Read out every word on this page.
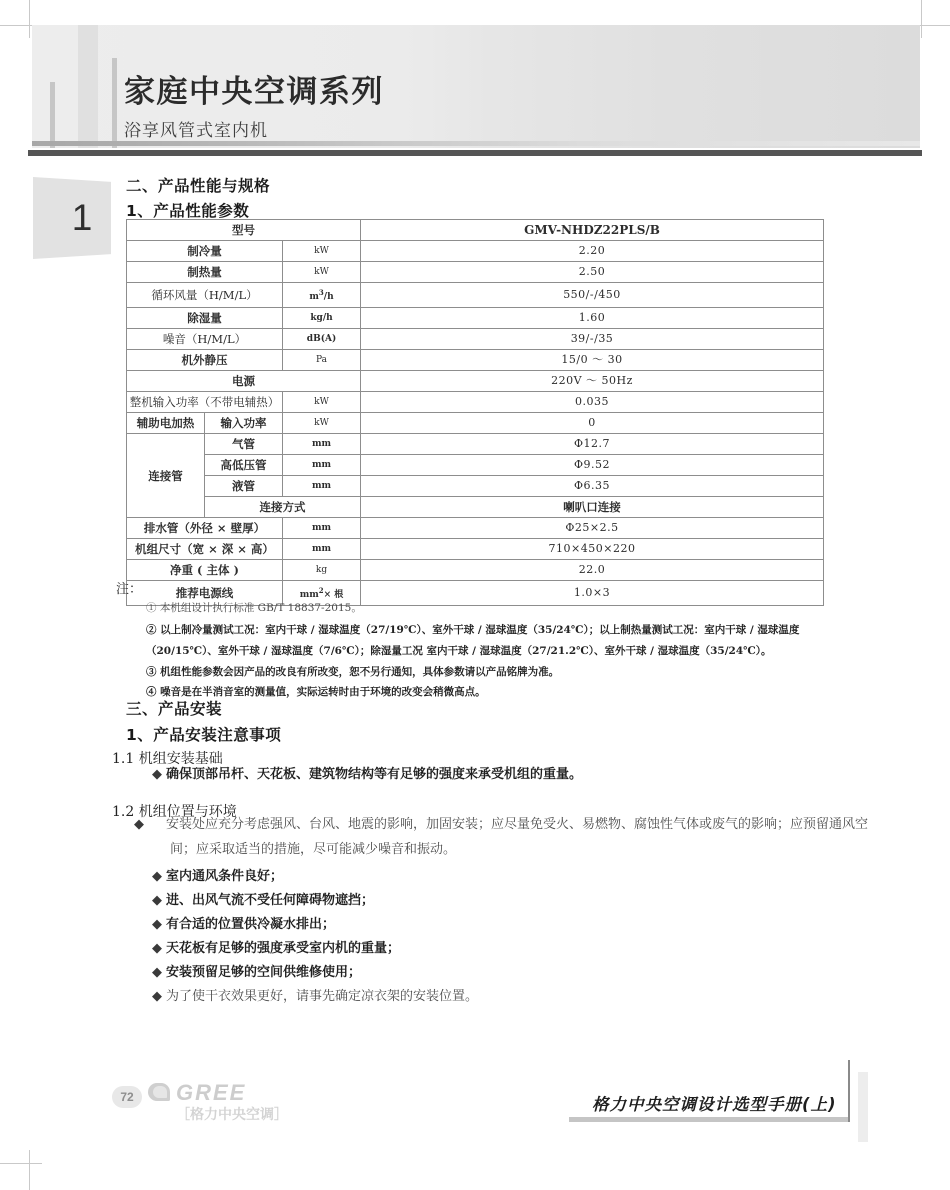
家庭中央空调系列
浴享风管式室内机
1
二、产品性能与规格
1、产品性能参数
型号			GMV-NHDZ22PLS/B
制冷量		kW	2.20
制热量		kW	2.50
循环风量（H/M/L）		$m^3/h$	550/-/450
除湿量		kg/h	1.60
噪音（H/M/L）		dB(A)	39/-/35
机外静压		Pa	15/0 ～ 30
电源			220V ～ 50Hz
整机输入功率（不带电辅热）		kW	0.035
辅助电加热	输入功率	kW	0
连接管	气管	mm	Φ12.7
	高低压管	mm	Φ9.52
	液管	mm	Φ6.35
	连接方式		喇叭口连接
排水管（外径 × 壁厚）		mm	Φ25×2.5
机组尺寸（宽 × 深 × 高）		mm	710×450×220
净重 ( 主体 )		kg	22.0
推荐电源线		$mm^2\times$ 根	1.0×3
注：
① 本机组设计执行标准 GB/T 18837-2015。
② 以上制冷量测试工况：室内干球 / 湿球温度（27/19℃）、室外干球 / 湿球温度（35/24℃）；以上制热量测试工况：室内干球 / 湿球温度（20/15℃）、室外干球 / 湿球温度（7/6℃）；除湿量工况 室内干球 / 湿球温度（27/21.2℃）、室外干球 / 湿球温度（35/24℃）。
③ 机组性能参数会因产品的改良有所改变，恕不另行通知，具体参数请以产品铭牌为准。
④ 噪音是在半消音室的测量值，实际运转时由于环境的改变会稍微高点。
三、产品安装
1、产品安装注意事项
1.1 机组安装基础
1.2 机组位置与环境
◆ 确保顶部吊杆、天花板、建筑物结构等有足够的强度来承受机组的重量。
◆ 安装处应充分考虑强风、台风、地震的影响，加固安装；应尽量免受火、易燃物、腐蚀性气体或废气的影响；应预留通风空间；应采取适当的措施，尽可能减少噪音和振动。
◆ 室内通风条件良好；
◆ 进、出风气流不受任何障碍物遮挡；
◆ 有合适的位置供冷凝水排出；
◆ 天花板有足够的强度承受室内机的重量；
◆ 安装预留足够的空间供维修使用；
◆ 为了使干衣效果更好，请事先确定凉衣架的安装位置。
72	GREE
［格力中央空调］
格力中央空调设计选型手册(上)
